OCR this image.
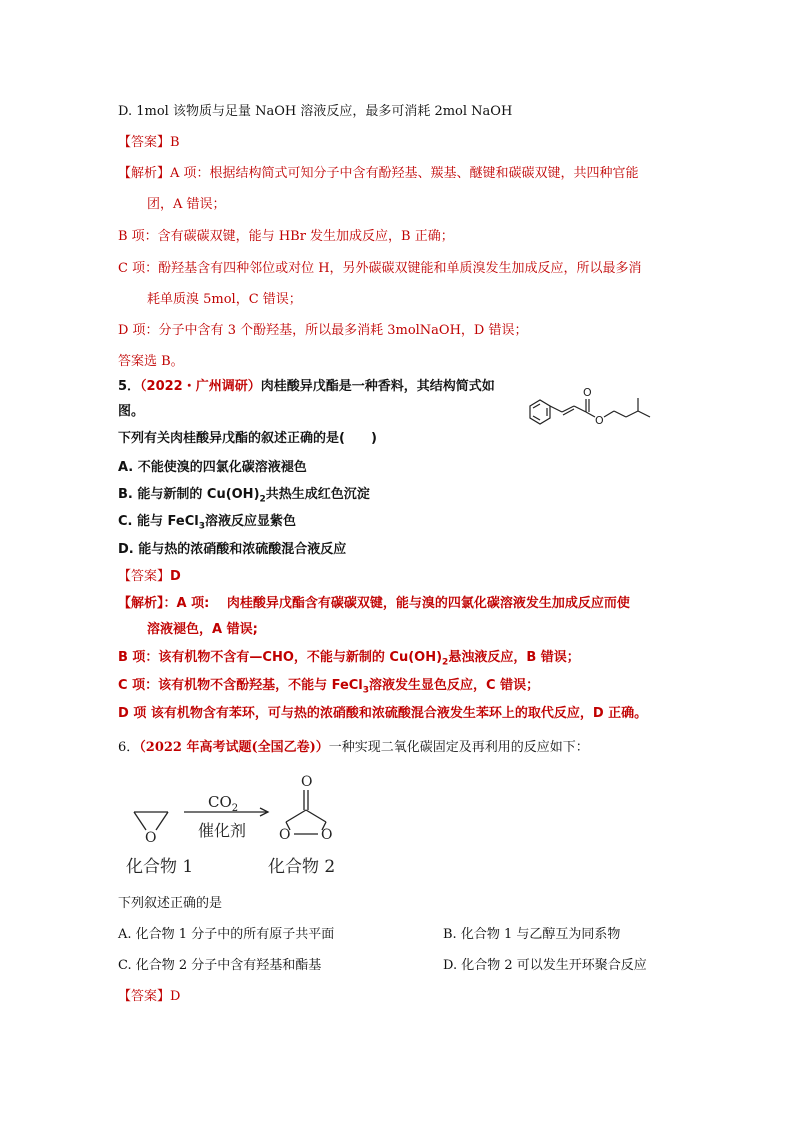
D. 1mol 该物质与足量 NaOH 溶液反应，最多可消耗 2mol NaOH
【答案】B
【解析】A 项：根据结构简式可知分子中含有酚羟基、羰基、醚键和碳碳双键，共四种官能
团，A 错误；
B 项：含有碳碳双键，能与 HBr 发生加成反应，B 正确；
C 项：酚羟基含有四种邻位或对位 H，另外碳碳双键能和单质溴发生加成反应，所以最多消
耗单质溴 5mol，C 错误；
D 项：分子中含有 3 个酚羟基，所以最多消耗 3molNaOH，D 错误；
答案选 B。
5．（2022・广州调研）肉桂酸异戊酯是一种香料，其结构简式如
图。
下列有关肉桂酸异戊酯的叙述正确的是(　　)
A. 不能使溴的四氯化碳溶液褪色
B. 能与新制的 $Cu(OH)_2$共热生成红色沉淀
C. 能与 FeCl$_3$溶液反应显紫色
D. 能与热的浓硝酸和浓硫酸混合液反应
O
O
【答案】D
【解析】：A 项:　 肉桂酸异戊酯含有碳碳双键，能与溴的四氯化碳溶液发生加成反应而使
溶液褪色，A 错误;
B 项：该有机物不含有—CHO，不能与新制的 $Cu(OH)_2$悬浊液反应，B 错误；
C 项：该有机物不含酚羟基，不能与 FeCl$_3$溶液发生显色反应，C 错误；
D 项 该有机物含有苯环，可与热的浓硝酸和浓硫酸混合液发生苯环上的取代反应，D 正确。
6．（2022 年高考试题(全国乙卷)）一种实现二氧化碳固定及再利用的反应如下：
O
O
O O
$CO_2$
催化剂
化合物 1	化合物 2
下列叙述正确的是
A. 化合物 1 分子中的所有原子共平面	B. 化合物 1 与乙醇互为同系物
C. 化合物 2 分子中含有羟基和酯基	D. 化合物 2 可以发生开环聚合反应
【答案】D
